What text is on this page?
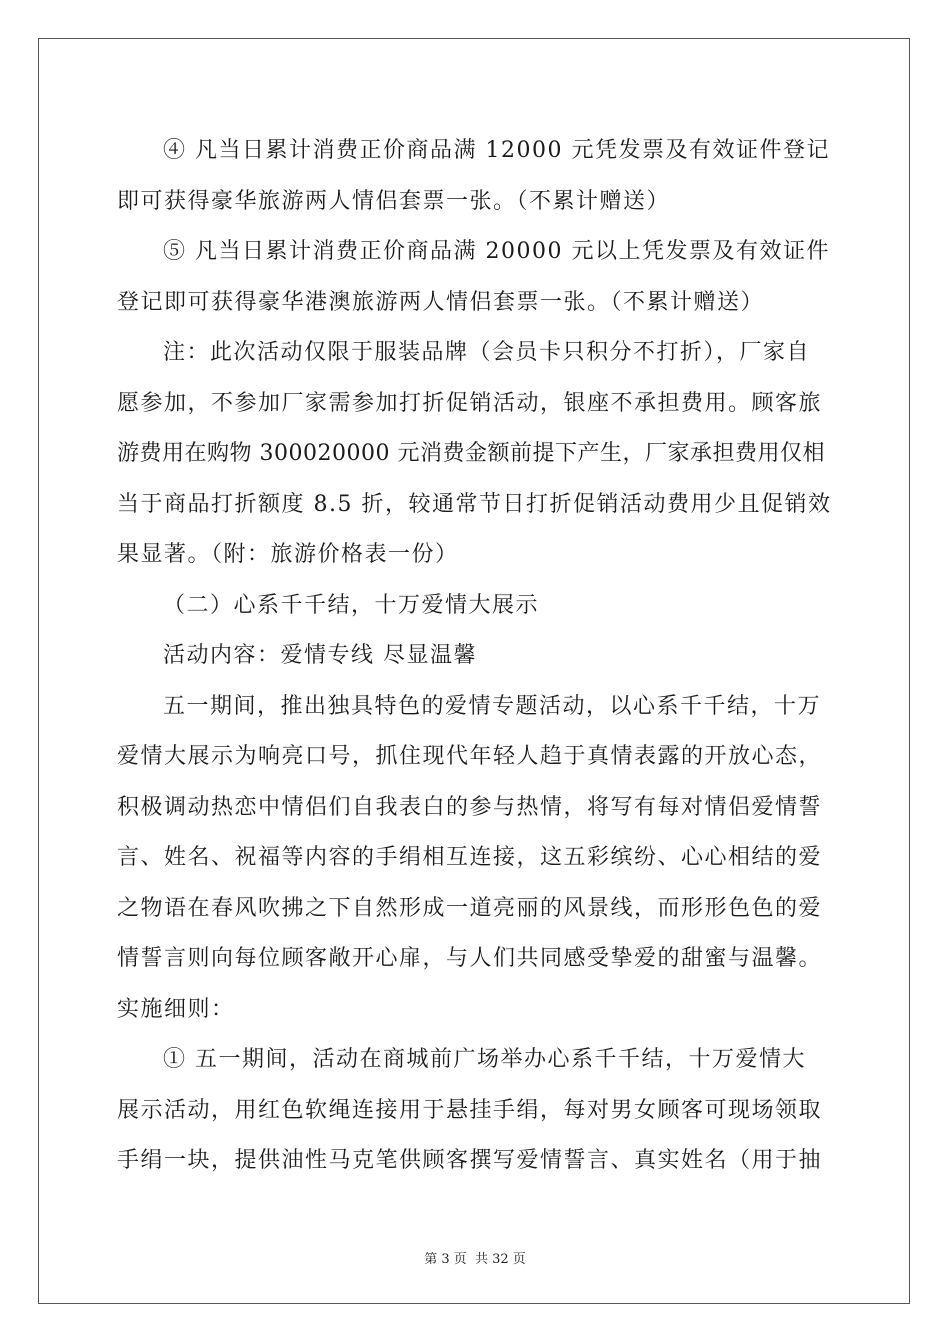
④ 凡当日累计消费正价商品满 12000 元凭发票及有效证件登记
即可获得豪华旅游两人情侣套票一张。（不累计赠送）
⑤ 凡当日累计消费正价商品满 20000 元以上凭发票及有效证件
登记即可获得豪华港澳旅游两人情侣套票一张。（不累计赠送）
注：此次活动仅限于服装品牌（会员卡只积分不打折），厂家自
愿参加，不参加厂家需参加打折促销活动，银座不承担费用。顾客旅
游费用在购物 300020000 元消费金额前提下产生，厂家承担费用仅相
当于商品打折额度 8.5 折，较通常节日打折促销活动费用少且促销效
果显著。（附：旅游价格表一份）
（二）心系千千结，十万爱情大展示
活动内容：爱情专线 尽显温馨
五一期间，推出独具特色的爱情专题活动，以心系千千结，十万
爱情大展示为响亮口号，抓住现代年轻人趋于真情表露的开放心态，
积极调动热恋中情侣们自我表白的参与热情，将写有每对情侣爱情誓
言、姓名、祝福等内容的手绢相互连接，这五彩缤纷、心心相结的爱
之物语在春风吹拂之下自然形成一道亮丽的风景线，而形形色色的爱
情誓言则向每位顾客敞开心扉，与人们共同感受挚爱的甜蜜与温馨。
实施细则：
① 五一期间，活动在商城前广场举办心系千千结，十万爱情大
展示活动，用红色软绳连接用于悬挂手绢，每对男女顾客可现场领取
手绢一块，提供油性马克笔供顾客撰写爱情誓言、真实姓名（用于抽
第 3 页 共 32 页
